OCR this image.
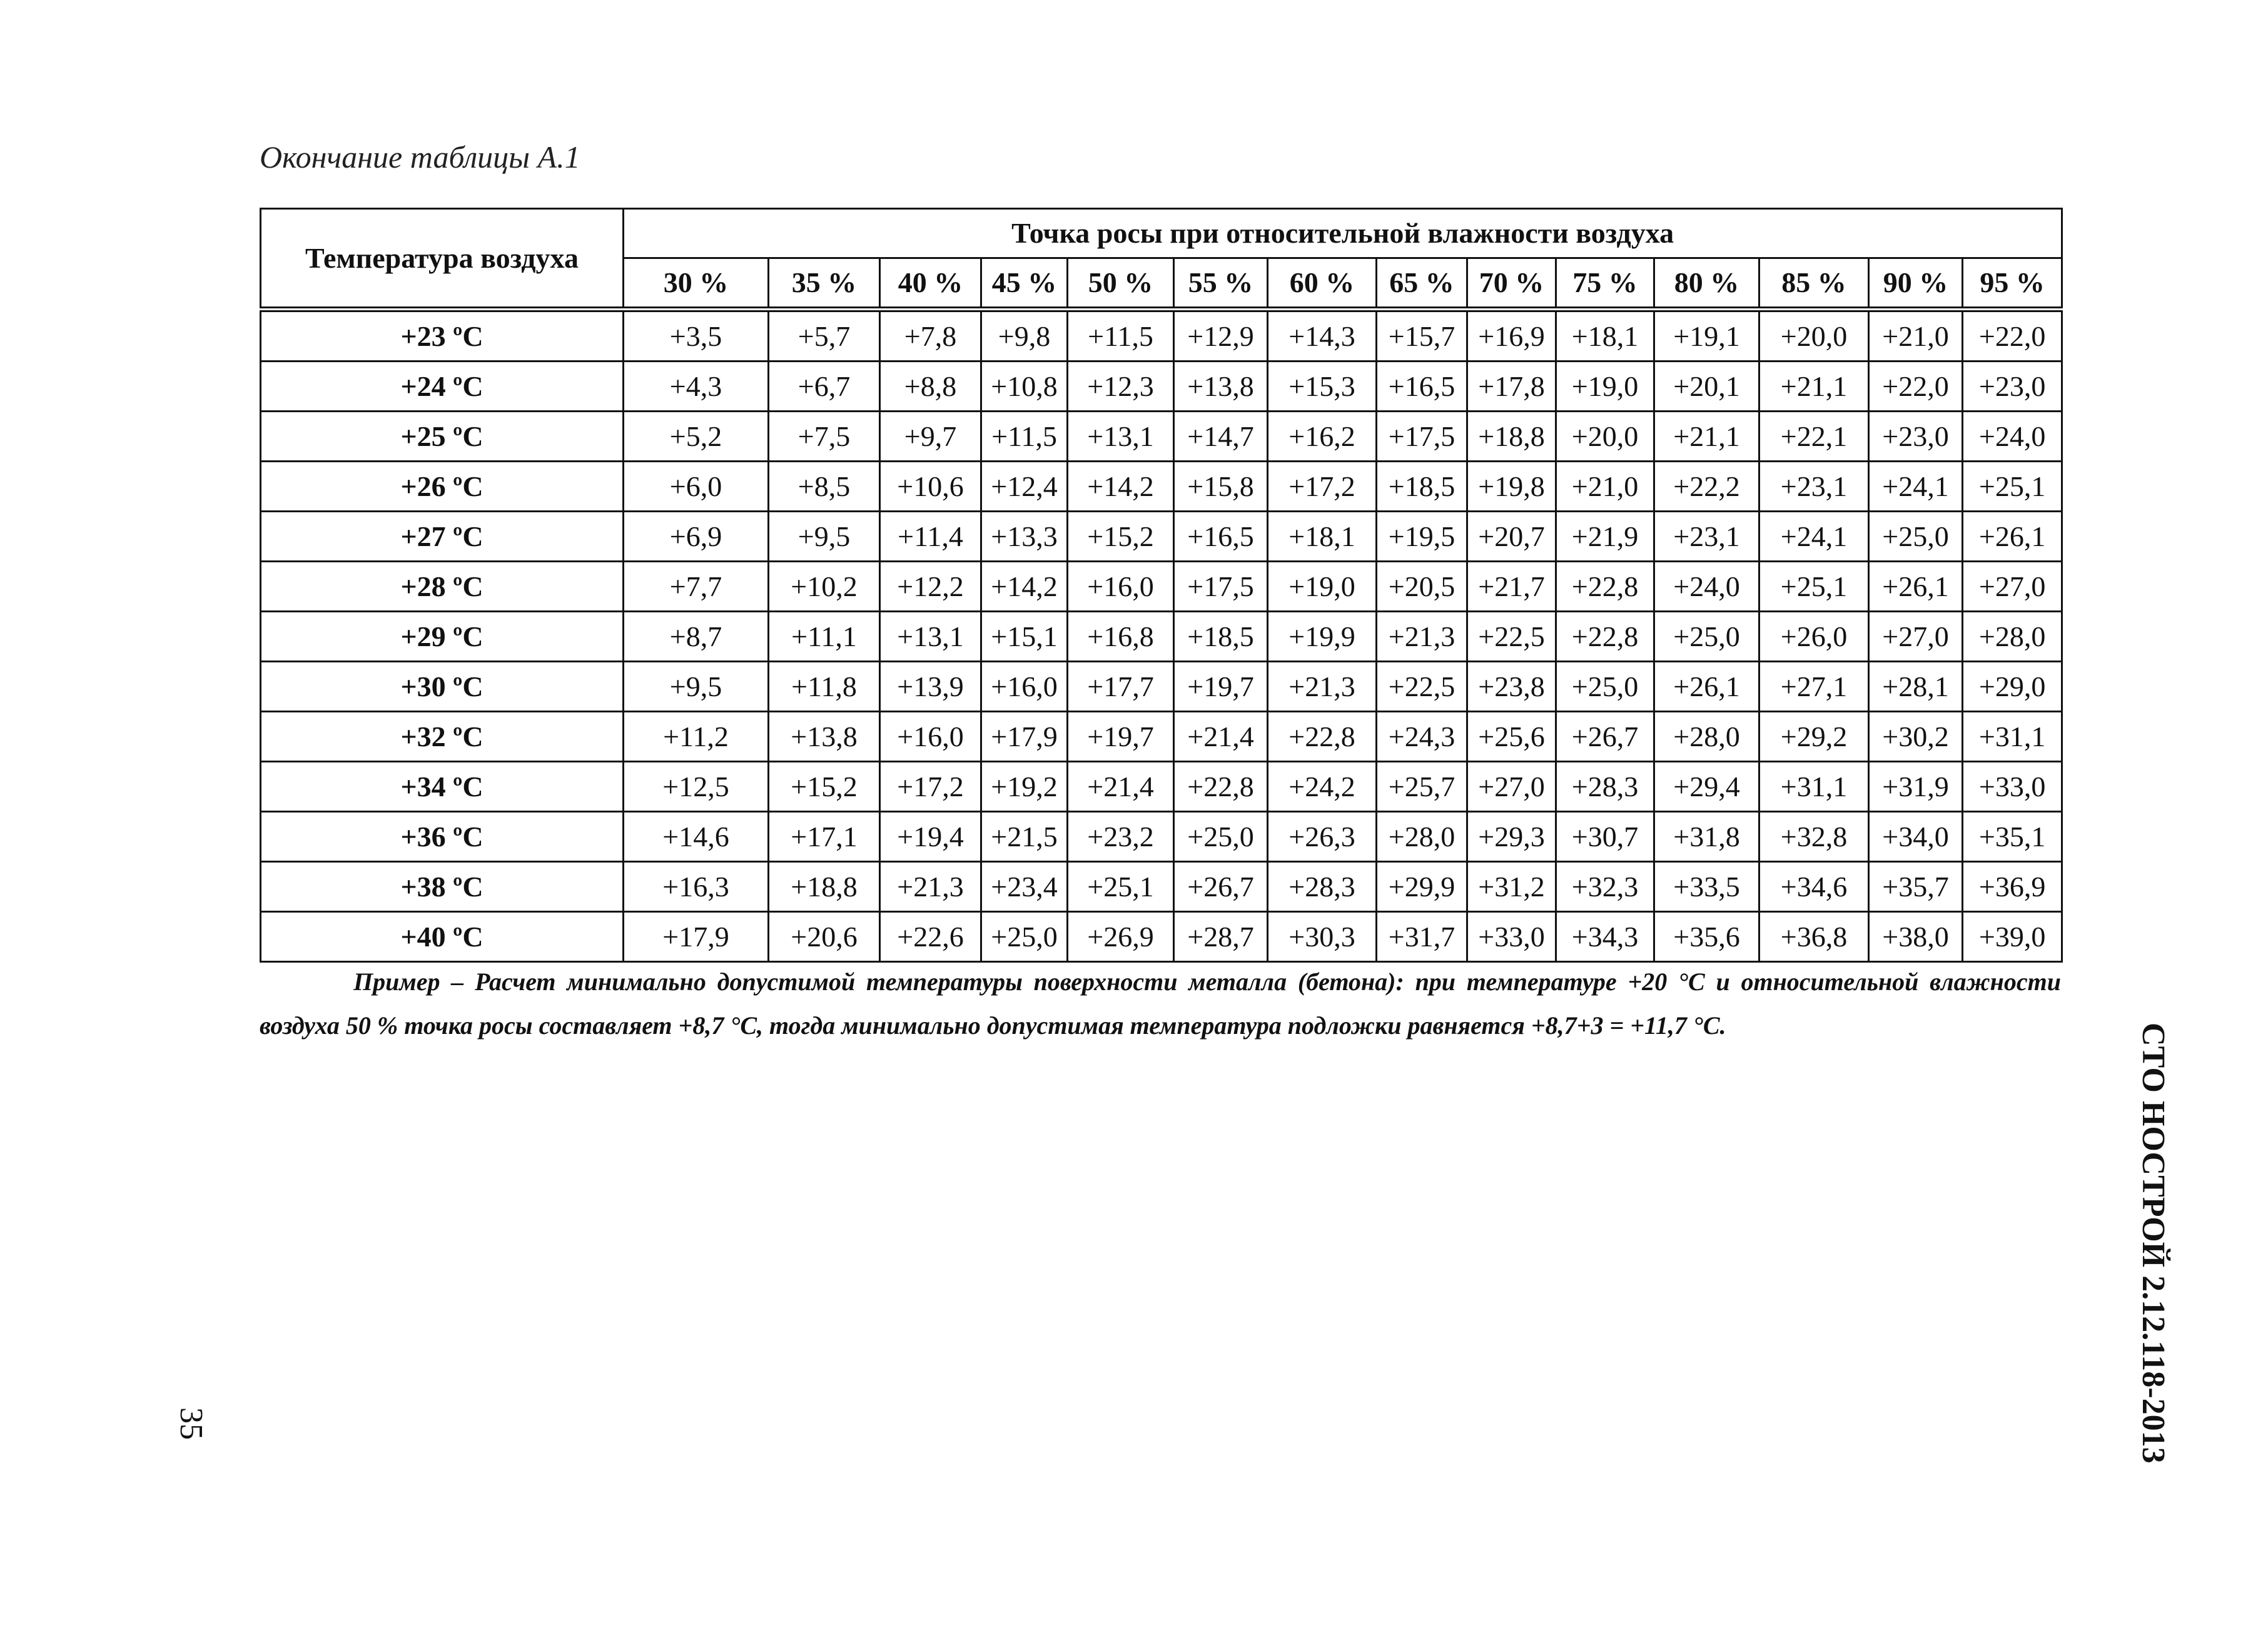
Окончание таблицы А.1
Температура воздуха	Точка росы при относительной влажности воздуха													
	30 %	35 %	40 %	45 %	50 %	55 %	60 %	65 %	70 %	75 %	80 %	85 %	90 %	95 %
+23 ºС	+3,5	+5,7	+7,8	+9,8	+11,5	+12,9	+14,3	+15,7	+16,9	+18,1	+19,1	+20,0	+21,0	+22,0
+24 ºС	+4,3	+6,7	+8,8	+10,8	+12,3	+13,8	+15,3	+16,5	+17,8	+19,0	+20,1	+21,1	+22,0	+23,0
+25 ºС	+5,2	+7,5	+9,7	+11,5	+13,1	+14,7	+16,2	+17,5	+18,8	+20,0	+21,1	+22,1	+23,0	+24,0
+26 ºС	+6,0	+8,5	+10,6	+12,4	+14,2	+15,8	+17,2	+18,5	+19,8	+21,0	+22,2	+23,1	+24,1	+25,1
+27 ºС	+6,9	+9,5	+11,4	+13,3	+15,2	+16,5	+18,1	+19,5	+20,7	+21,9	+23,1	+24,1	+25,0	+26,1
+28 ºС	+7,7	+10,2	+12,2	+14,2	+16,0	+17,5	+19,0	+20,5	+21,7	+22,8	+24,0	+25,1	+26,1	+27,0
+29 ºС	+8,7	+11,1	+13,1	+15,1	+16,8	+18,5	+19,9	+21,3	+22,5	+22,8	+25,0	+26,0	+27,0	+28,0
+30 ºС	+9,5	+11,8	+13,9	+16,0	+17,7	+19,7	+21,3	+22,5	+23,8	+25,0	+26,1	+27,1	+28,1	+29,0
+32 ºС	+11,2	+13,8	+16,0	+17,9	+19,7	+21,4	+22,8	+24,3	+25,6	+26,7	+28,0	+29,2	+30,2	+31,1
+34 ºС	+12,5	+15,2	+17,2	+19,2	+21,4	+22,8	+24,2	+25,7	+27,0	+28,3	+29,4	+31,1	+31,9	+33,0
+36 ºС	+14,6	+17,1	+19,4	+21,5	+23,2	+25,0	+26,3	+28,0	+29,3	+30,7	+31,8	+32,8	+34,0	+35,1
+38 ºС	+16,3	+18,8	+21,3	+23,4	+25,1	+26,7	+28,3	+29,9	+31,2	+32,3	+33,5	+34,6	+35,7	+36,9
+40 ºС	+17,9	+20,6	+22,6	+25,0	+26,9	+28,7	+30,3	+31,7	+33,0	+34,3	+35,6	+36,8	+38,0	+39,0
Пример – Расчет минимально допустимой температуры поверхности металла (бетона): при температуре +20 °С и относительной влажности воздуха 50 % точка росы составляет +8,7 °С, тогда минимально допустимая температура подложки равняется +8,7+3 = +11,7 °С.	СТО НОСТРОЙ 2.12.118-2013
35
